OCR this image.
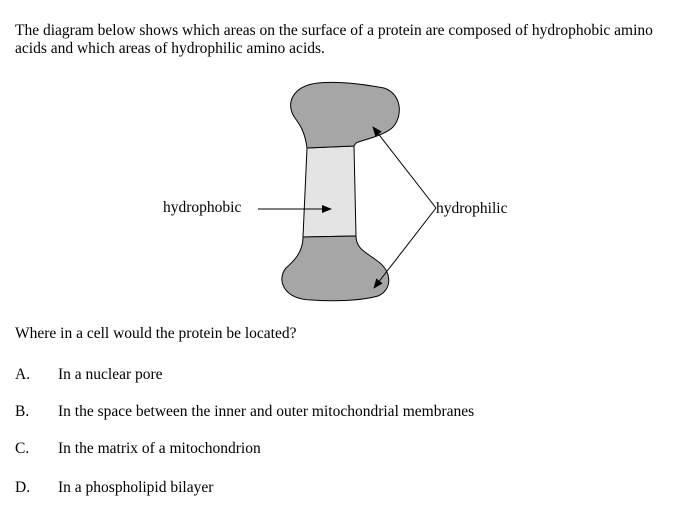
The diagram below shows which areas on the surface of a protein are composed of hydrophobic amino acids and which areas of hydrophilic amino acids.

hydrophobic	hydrophilic

Where in a cell would the protein be located?

A.	In a nuclear pore
B.	In the space between the inner and outer mitochondrial membranes
C.	In the matrix of a mitochondrion
D.	In a phospholipid bilayer
